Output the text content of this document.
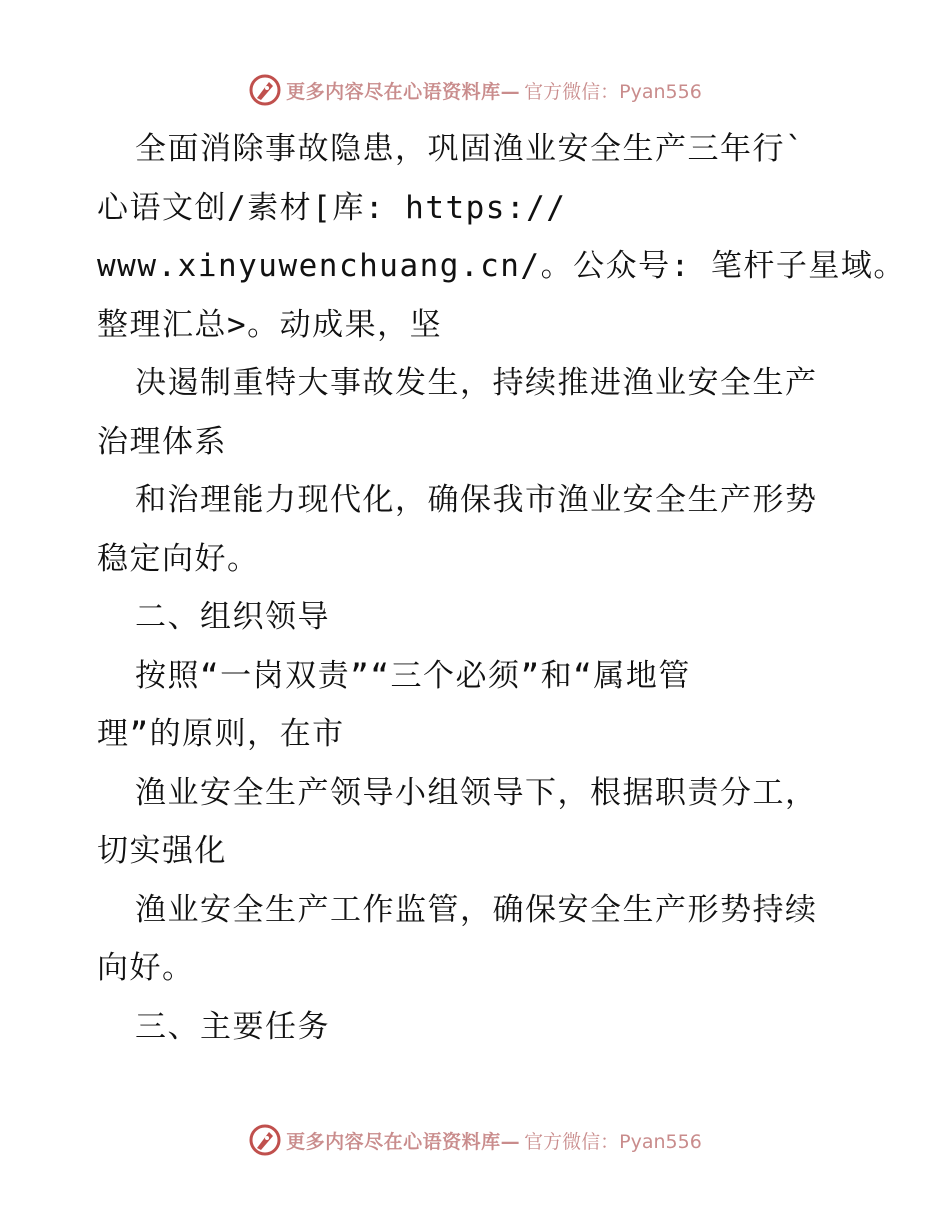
更多内容尽在心语资料库— 官方微信：Pyan556
全面消除事故隐患，巩固渔业安全生产三年行`
心语文创/素材[库: https://
www.xinyuwenchuang.cn/。公众号: 笔杆子星域。
整理汇总>。动成果，坚
决遏制重特大事故发生，持续推进渔业安全生产
治理体系
和治理能力现代化，确保我市渔业安全生产形势
稳定向好。
二、组织领导
按照“一岗双责”“三个必须”和“属地管
理”的原则，在市
渔业安全生产领导小组领导下，根据职责分工，
切实强化
渔业安全生产工作监管，确保安全生产形势持续
向好。
三、主要任务
更多内容尽在心语资料库— 官方微信：Pyan556
